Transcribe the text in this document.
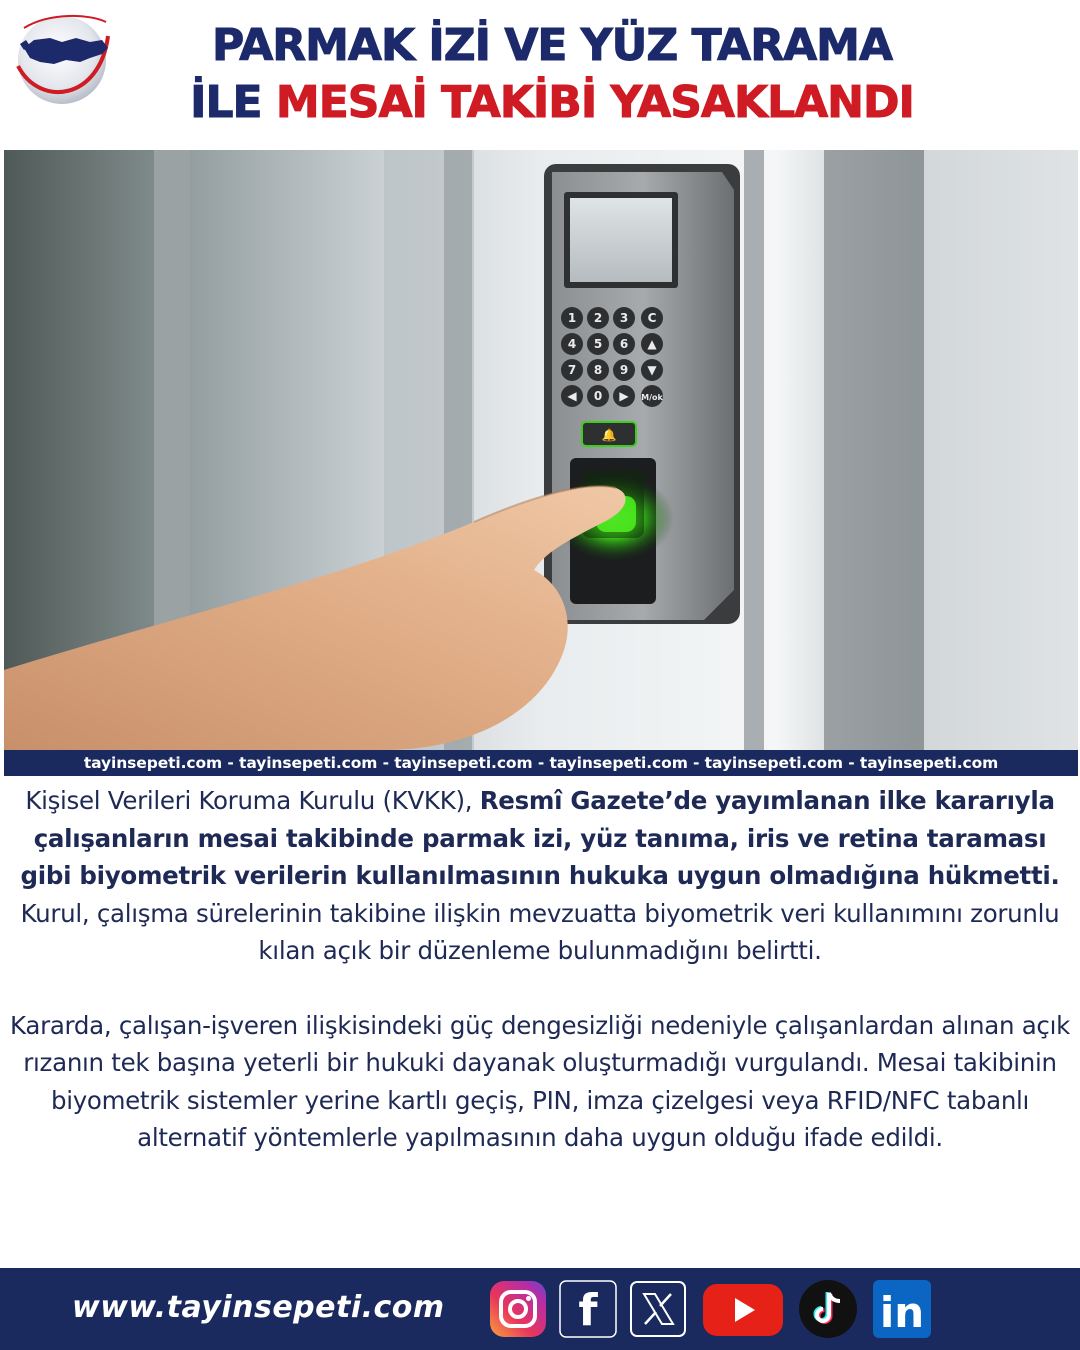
PARMAK İZİ VE YÜZ TARAMA
İLE MESAİ TAKİBİ YASAKLANDI
1 2 3 C
4 5 6 ▲
7 8 9 ▼
◀ 0 ▶ M/ok
🔔
tayinsepeti.com - tayinsepeti.com - tayinsepeti.com - tayinsepeti.com - tayinsepeti.com - tayinsepeti.com

Kişisel Verileri Koruma Kurulu (KVKK), Resmî Gazete’de yayımlanan ilke kararıyla çalışanların mesai takibinde parmak izi, yüz tanıma, iris ve retina taraması gibi biyometrik verilerin kullanılmasının hukuka uygun olmadığına hükmetti. Kurul, çalışma sürelerinin takibine ilişkin mevzuatta biyometrik veri kullanımını zorunlu kılan açık bir düzenleme bulunmadığını belirtti.

Kararda, çalışan-işveren ilişkisindeki güç dengesizliği nedeniyle çalışanlardan alınan açık rızanın tek başına yeterli bir hukuki dayanak oluşturmadığı vurgulandı. Mesai takibinin biyometrik sistemler yerine kartlı geçiş, PIN, imza çizelgesi veya RFID/NFC tabanlı alternatif yöntemlerle yapılmasının daha uygun olduğu ifade edildi.

www.tayinsepeti.com	f	in
